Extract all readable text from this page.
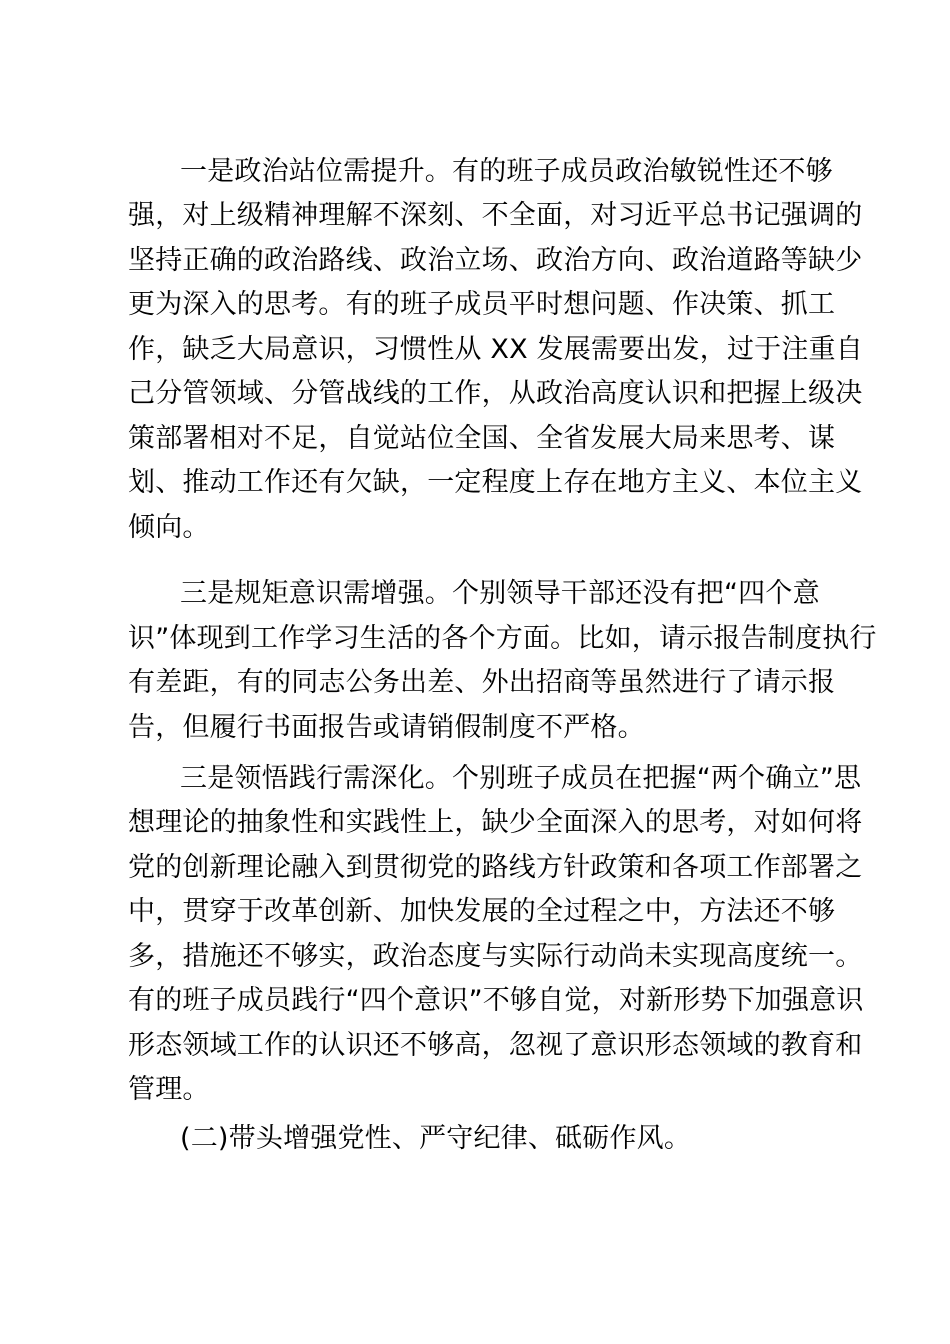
一是政治站位需提升。有的班子成员政治敏锐性还不够
强，对上级精神理解不深刻、不全面，对习近平总书记强调的
坚持正确的政治路线、政治立场、政治方向、政治道路等缺少
更为深入的思考。有的班子成员平时想问题、作决策、抓工
作，缺乏大局意识，习惯性从 XX 发展需要出发，过于注重自
己分管领域、分管战线的工作，从政治高度认识和把握上级决
策部署相对不足，自觉站位全国、全省发展大局来思考、谋
划、推动工作还有欠缺，一定程度上存在地方主义、本位主义
倾向。
三是规矩意识需增强。个别领导干部还没有把“四个意
识”体现到工作学习生活的各个方面。比如，请示报告制度执行
有差距，有的同志公务出差、外出招商等虽然进行了请示报
告，但履行书面报告或请销假制度不严格。
三是领悟践行需深化。个别班子成员在把握“两个确立”思
想理论的抽象性和实践性上，缺少全面深入的思考，对如何将
党的创新理论融入到贯彻党的路线方针政策和各项工作部署之
中，贯穿于改革创新、加快发展的全过程之中，方法还不够
多，措施还不够实，政治态度与实际行动尚未实现高度统一。
有的班子成员践行“四个意识”不够自觉，对新形势下加强意识
形态领域工作的认识还不够高，忽视了意识形态领域的教育和
管理。
(二)带头增强党性、严守纪律、砥砺作风。
